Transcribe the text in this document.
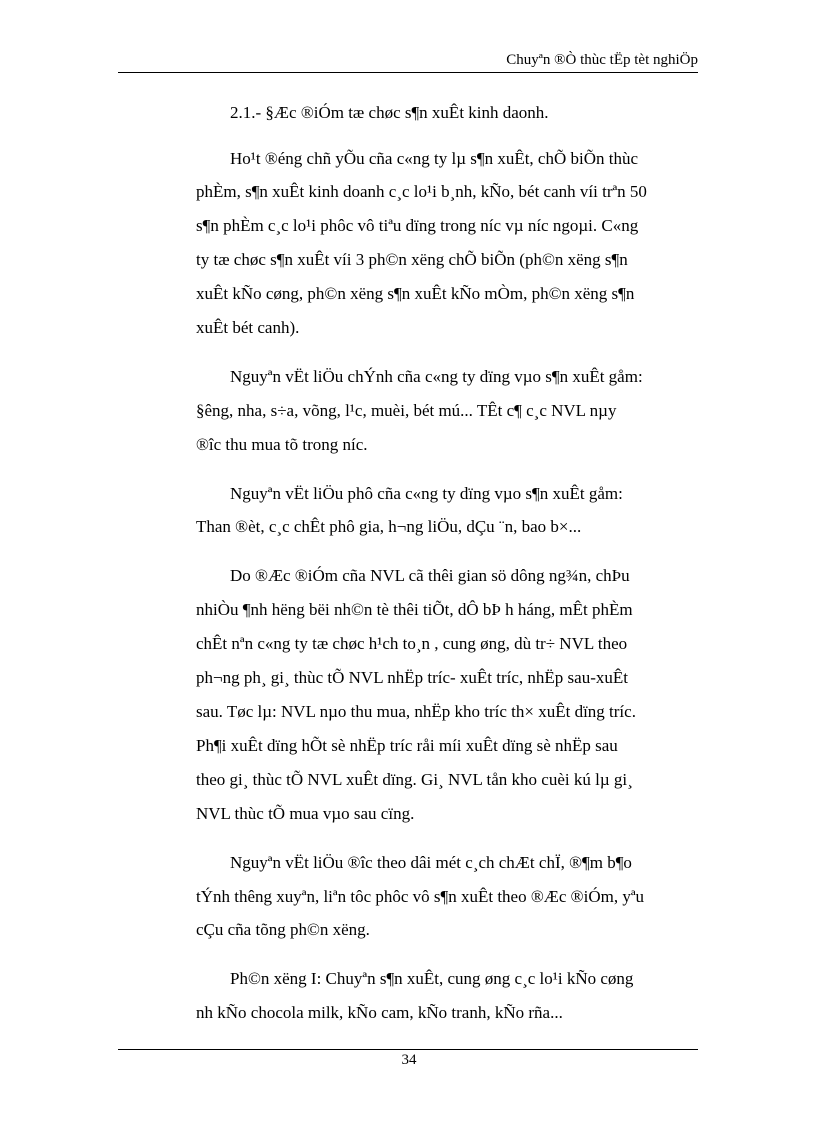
Chuyªn ®Ò thùc tËp tèt nghiÖp
2.1.- §Æc ®iÓm tæ chøc s¶n xuÊt kinh daonh.
Ho¹t ®éng chñ yÕu cña c«ng ty lµ s¶n xuÊt, chÕ biÕn thùc
phÈm, s¶n xuÊt kinh doanh c¸c lo¹i b¸nh, kÑo, bét canh víi trªn 50
s¶n phÈm c¸c lo¹i phôc vô tiªu dïng trong níc vµ níc ngoµi. C«ng
ty tæ chøc s¶n xuÊt víi 3 ph©n xëng chÕ biÕn (ph©n xëng s¶n
xuÊt kÑo cøng, ph©n xëng s¶n xuÊt kÑo mÒm, ph©n xëng s¶n
xuÊt bét canh).
Nguyªn vËt liÖu chÝnh cña c«ng ty dïng vµo s¶n xuÊt gåm:
§êng, nha, s÷a, võng, l¹c, muèi, bét mú... TÊt c¶ c¸c NVL nµy
®îc thu mua tõ trong níc.
Nguyªn vËt liÖu phô cña c«ng ty dïng vµo s¶n xuÊt gåm:
Than ®èt, c¸c chÊt phô gia, h¬ng liÖu, dÇu ¨n, bao b×...
Do ®Æc ®iÓm cña NVL cã thêi gian sö dông ng¾n, chÞu
nhiÒu ¶nh hëng bëi nh©n tè thêi tiÕt, dÔ bÞ h háng, mÊt phÈm
chÊt nªn c«ng ty tæ chøc h¹ch to¸n , cung øng, dù tr÷ NVL theo
ph¬ng ph¸ gi¸ thùc tÕ NVL nhËp tríc- xuÊt tríc, nhËp sau-xuÊt
sau. Tøc lµ: NVL nµo thu mua, nhËp kho tríc th× xuÊt dïng tríc.
Ph¶i xuÊt dïng hÕt sè nhËp tríc råi míi xuÊt dïng sè nhËp sau
theo gi¸ thùc tÕ NVL xuÊt dïng. Gi¸ NVL tån kho cuèi kú lµ gi¸
NVL thùc tÕ mua vµo sau cïng.
Nguyªn vËt liÖu ®îc theo dâi mét c¸ch chÆt chÏ, ®¶m b¶o
tÝnh thêng xuyªn, liªn tôc phôc vô s¶n xuÊt theo ®Æc ®iÓm, yªu
cÇu cña tõng ph©n xëng.
Ph©n xëng I: Chuyªn s¶n xuÊt, cung øng c¸c lo¹i kÑo cøng
nh kÑo chocola milk, kÑo cam, kÑo tranh, kÑo rña...
34
